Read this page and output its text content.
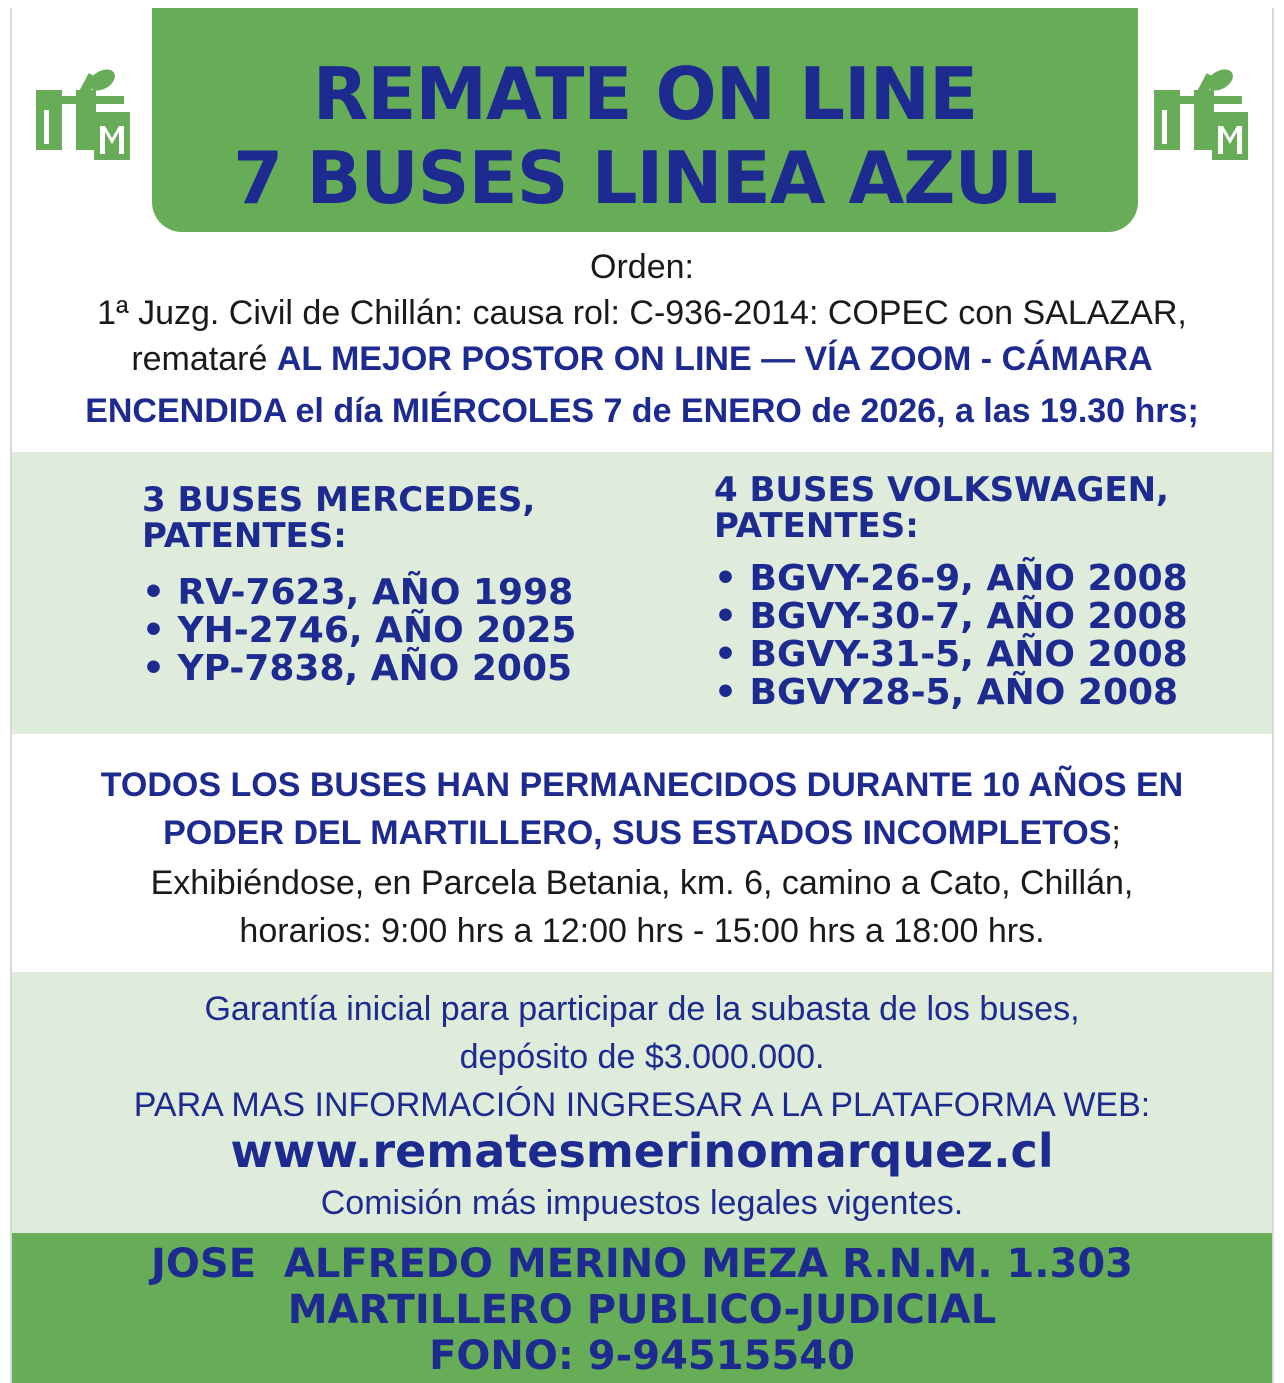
REMATE ON LINE
7 BUSES LINEA AZUL
Orden:
1ª Juzg. Civil de Chillán: causa rol: C-936-2014: COPEC con SALAZAR,
remataré AL MEJOR POSTOR ON LINE — VÍA ZOOM - CÁMARA
ENCENDIDA el día MIÉRCOLES 7 de ENERO de 2026, a las 19.30 hrs;
3 BUSES MERCEDES,
PATENTES:
• RV-7623, AÑO 1998
• YH-2746, AÑO 2025
• YP-7838, AÑO 2005
4 BUSES VOLKSWAGEN,
PATENTES:
• BGVY-26-9, AÑO 2008
• BGVY-30-7, AÑO 2008
• BGVY-31-5, AÑO 2008
• BGVY28-5, AÑO 2008
TODOS LOS BUSES HAN PERMANECIDOS DURANTE 10 AÑOS EN
PODER DEL MARTILLERO, SUS ESTADOS INCOMPLETOS;
Exhibiéndose, en Parcela Betania, km. 6, camino a Cato, Chillán,
horarios: 9:00 hrs a 12:00 hrs - 15:00 hrs a 18:00 hrs.
Garantía inicial para participar de la subasta de los buses,
depósito de $3.000.000.
PARA MAS INFORMACIÓN INGRESAR A LA PLATAFORMA WEB:
www.rematesmerinomarquez.cl
Comisión más impuestos legales vigentes.
JOSE  ALFREDO MERINO MEZA R.N.M. 1.303
MARTILLERO PUBLICO-JUDICIAL
FONO: 9-94515540
